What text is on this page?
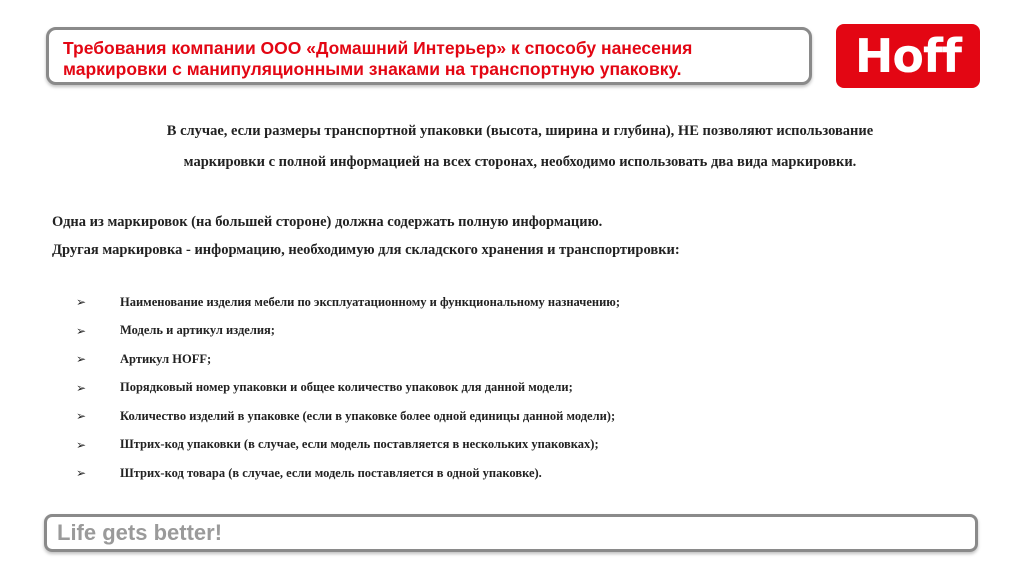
Требования компании ООО «Домашний Интерьер» к способу нанесения
маркировки с манипуляционными знаками на транспортную упаковку.	Hoff
В случае, если размеры транспортной упаковки (высота, ширина и глубина), НЕ позволяют использование
маркировки с полной информацией на всех сторонах, необходимо использовать два вида маркировки.
Одна из маркировок (на большей стороне) должна содержать полную информацию.
Другая маркировка - информацию, необходимую для складского хранения и транспортировки:
➢	Наименование изделия мебели по эксплуатационному и функциональному назначению;
➢	Модель и артикул изделия;
➢	Артикул HOFF;
➢	Порядковый номер упаковки и общее количество упаковок для данной модели;
➢	Количество изделий в упаковке (если в упаковке более одной единицы данной модели);
➢	Штрих-код упаковки (в случае, если модель поставляется в нескольких упаковках);
➢	Штрих-код товара (в случае, если модель поставляется в одной упаковке).
Life gets better!
